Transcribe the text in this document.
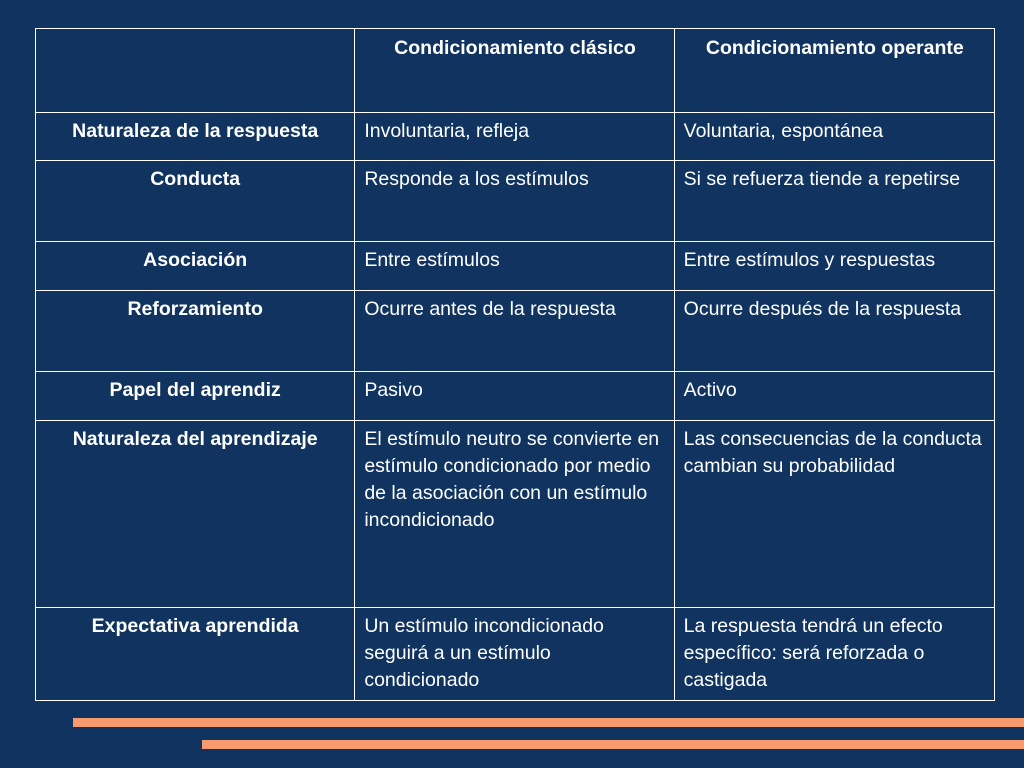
	Condicionamiento clásico	Condicionamiento operante
Naturaleza de la respuesta	Involuntaria, refleja	Voluntaria, espontánea
Conducta	Responde a los estímulos	Si se refuerza tiende a repetirse
Asociación	Entre estímulos	Entre estímulos y respuestas
Reforzamiento	Ocurre antes de la respuesta	Ocurre después de la respuesta
Papel del aprendiz	Pasivo	Activo
Naturaleza del aprendizaje	El estímulo neutro se convierte en estímulo condicionado por medio de la asociación con un estímulo incondicionado	Las consecuencias de la conducta cambian su probabilidad
Expectativa aprendida	Un estímulo incondicionado seguirá a un estímulo condicionado	La respuesta tendrá un efecto específico: será reforzada o castigada
